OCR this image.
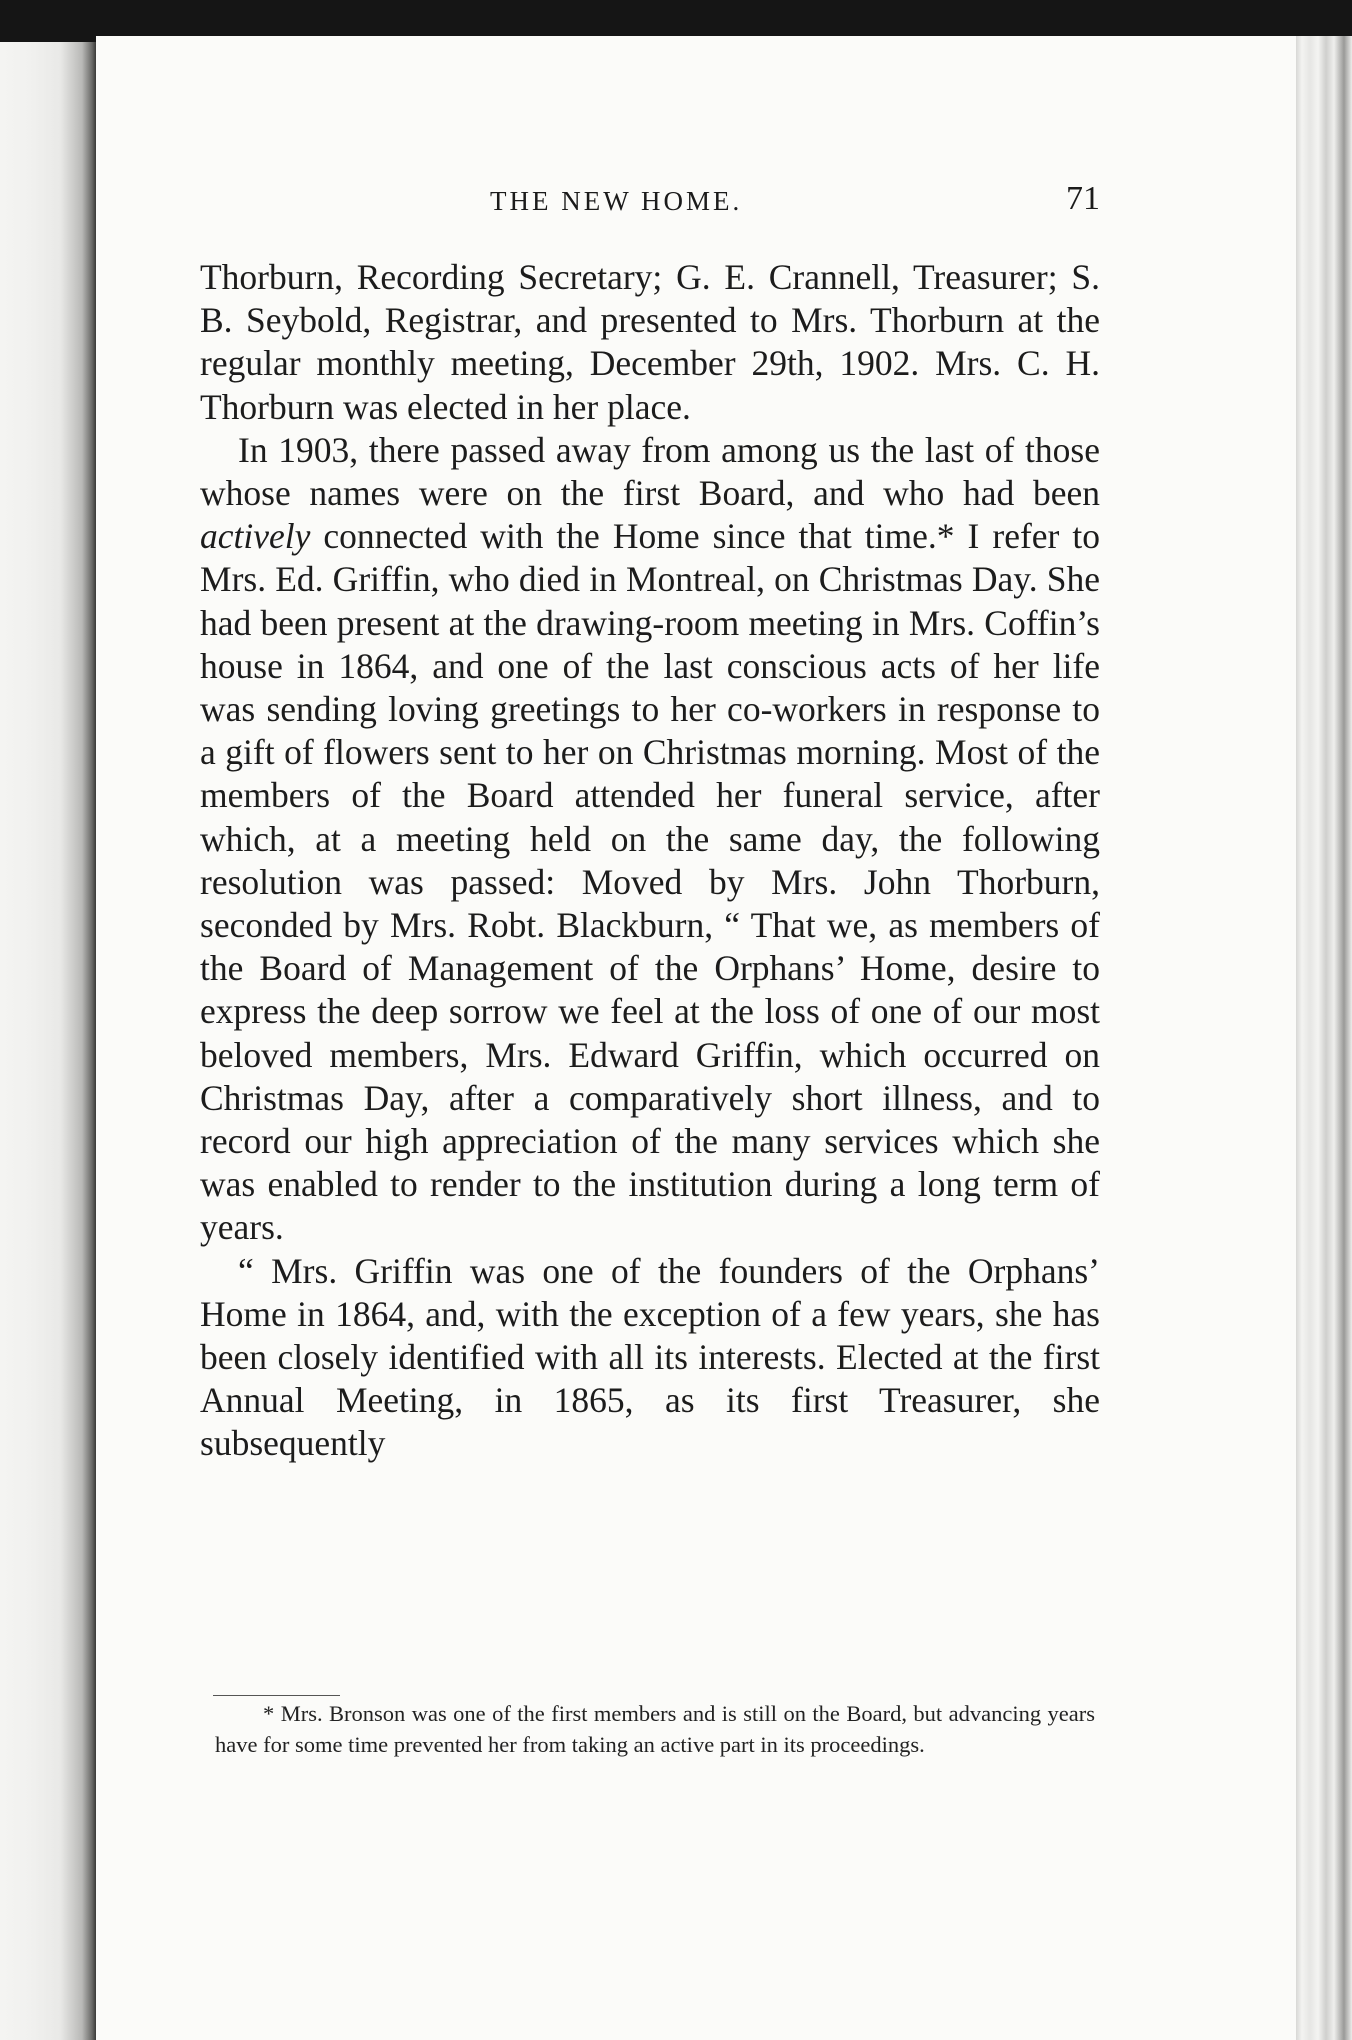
THE NEW HOME.	71

Thorburn, Recording Secretary; G. E. Crannell, Treasurer; S. B. Seybold, Registrar, and presented to Mrs. Thorburn at the regular monthly meeting, December 29th, 1902. Mrs. C. H. Thorburn was elected in her place.

In 1903, there passed away from among us the last of those whose names were on the first Board, and who had been actively connected with the Home since that time.* I refer to Mrs. Ed. Griffin, who died in Montreal, on Christmas Day. She had been present at the drawing-room meeting in Mrs. Coffin’s house in 1864, and one of the last conscious acts of her life was sending loving greetings to her co-workers in response to a gift of flowers sent to her on Christmas morning. Most of the members of the Board attended her funeral service, after which, at a meeting held on the same day, the following resolution was passed: Moved by Mrs. John Thorburn, seconded by Mrs. Robt. Blackburn, “ That we, as members of the Board of Management of the Orphans’ Home, desire to express the deep sorrow we feel at the loss of one of our most beloved members, Mrs. Edward Griffin, which occurred on Christmas Day, after a comparatively short illness, and to record our high appreciation of the many services which she was enabled to render to the institution during a long term of years.

“ Mrs. Griffin was one of the founders of the Orphans’ Home in 1864, and, with the exception of a few years, she has been closely identified with all its interests. Elected at the first Annual Meeting, in 1865, as its first Treasurer, she subsequently

* Mrs. Bronson was one of the first members and is still on the Board, but advancing years have for some time prevented her from taking an active part in its proceedings.
